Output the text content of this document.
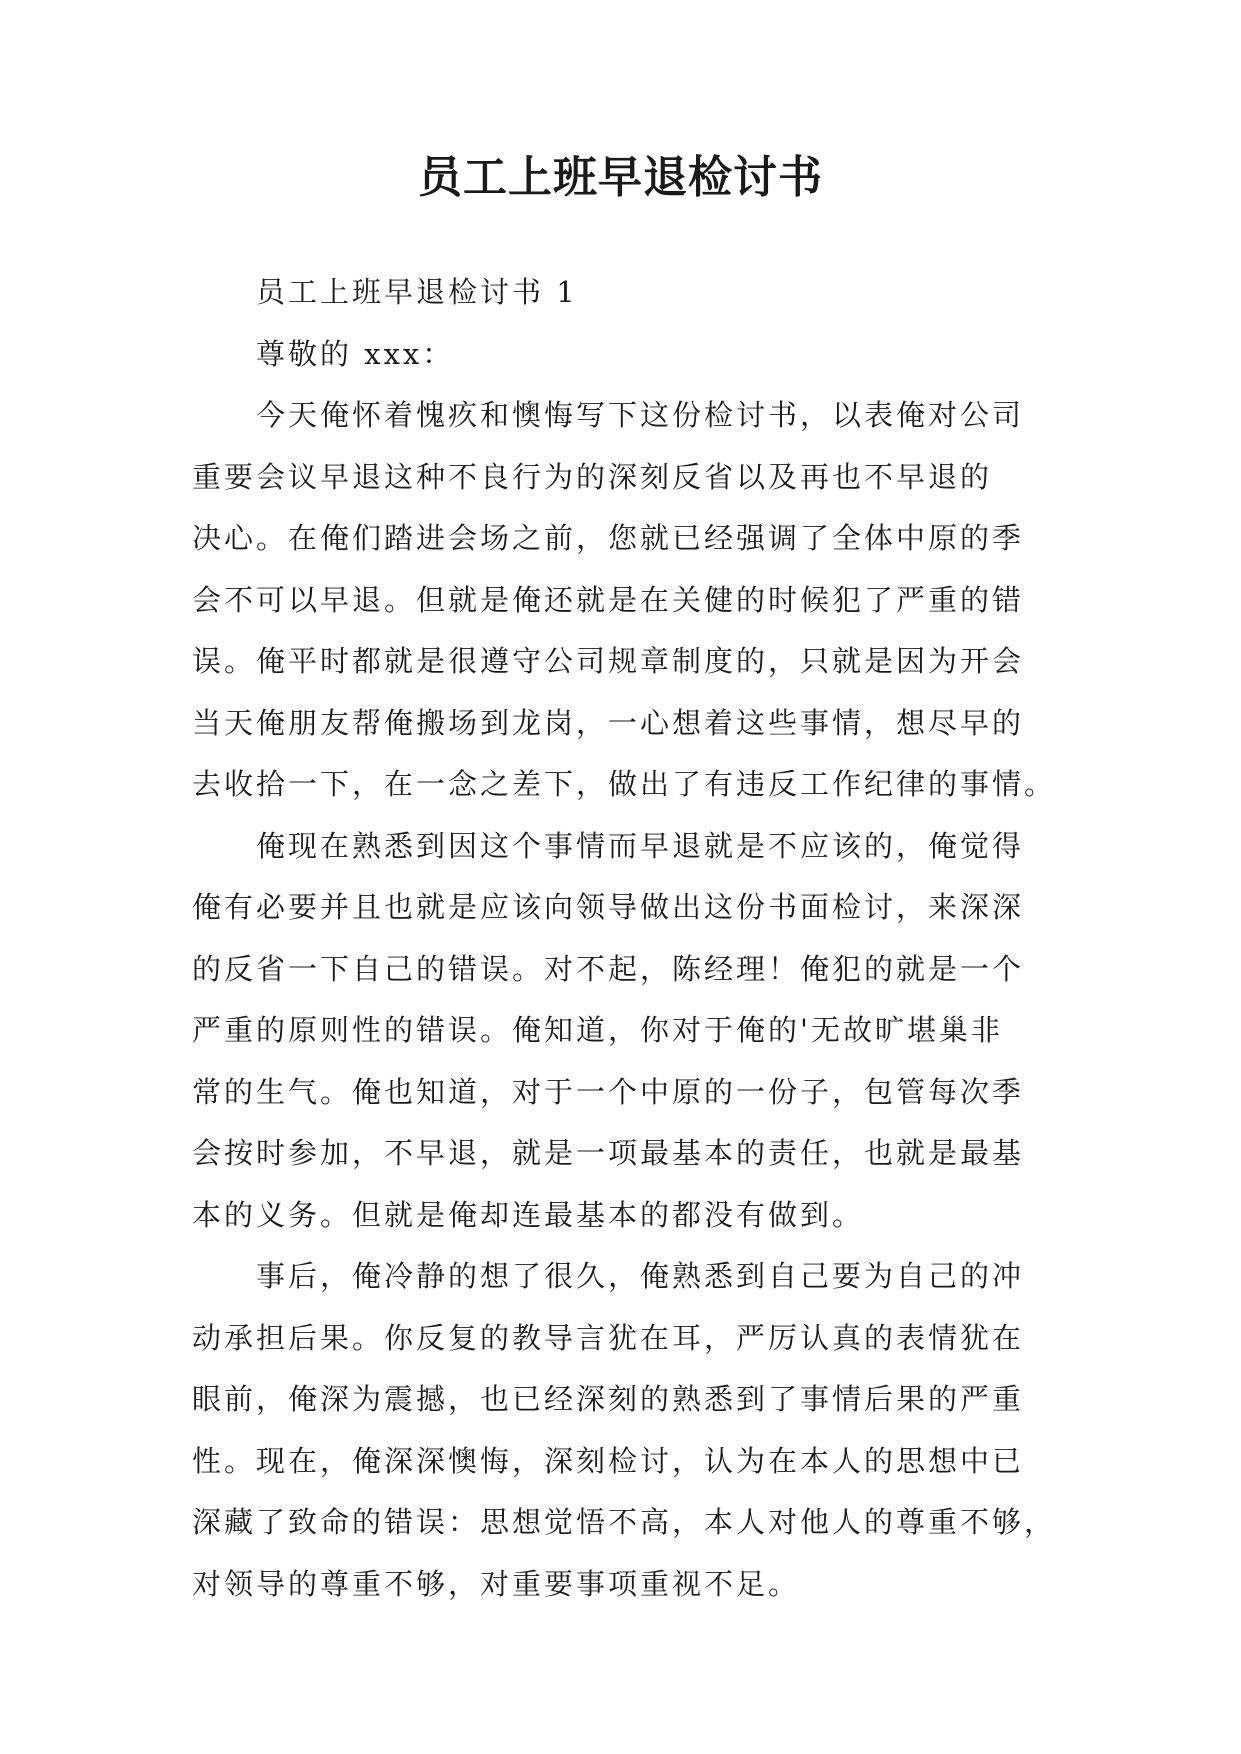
员工上班早退检讨书
员工上班早退检讨书 1
尊敬的 xxx：
今天俺怀着愧疚和懊悔写下这份检讨书，以表俺对公司
重要会议早退这种不良行为的深刻反省以及再也不早退的
决心。在俺们踏进会场之前，您就已经强调了全体中原的季
会不可以早退。但就是俺还就是在关健的时候犯了严重的错
误。俺平时都就是很遵守公司规章制度的，只就是因为开会
当天俺朋友帮俺搬场到龙岗，一心想着这些事情，想尽早的
去收拾一下，在一念之差下，做出了有违反工作纪律的事情。
俺现在熟悉到因这个事情而早退就是不应该的，俺觉得
俺有必要并且也就是应该向领导做出这份书面检讨，来深深
的反省一下自己的错误。对不起，陈经理！俺犯的就是一个
严重的原则性的错误。俺知道，你对于俺的'无故旷堪巢非
常的生气。俺也知道，对于一个中原的一份子，包管每次季
会按时参加，不早退，就是一项最基本的责任，也就是最基
本的义务。但就是俺却连最基本的都没有做到。
事后，俺冷静的想了很久，俺熟悉到自己要为自己的冲
动承担后果。你反复的教导言犹在耳，严厉认真的表情犹在
眼前，俺深为震撼，也已经深刻的熟悉到了事情后果的严重
性。现在，俺深深懊悔，深刻检讨，认为在本人的思想中已
深藏了致命的错误：思想觉悟不高，本人对他人的尊重不够，
对领导的尊重不够，对重要事项重视不足。
